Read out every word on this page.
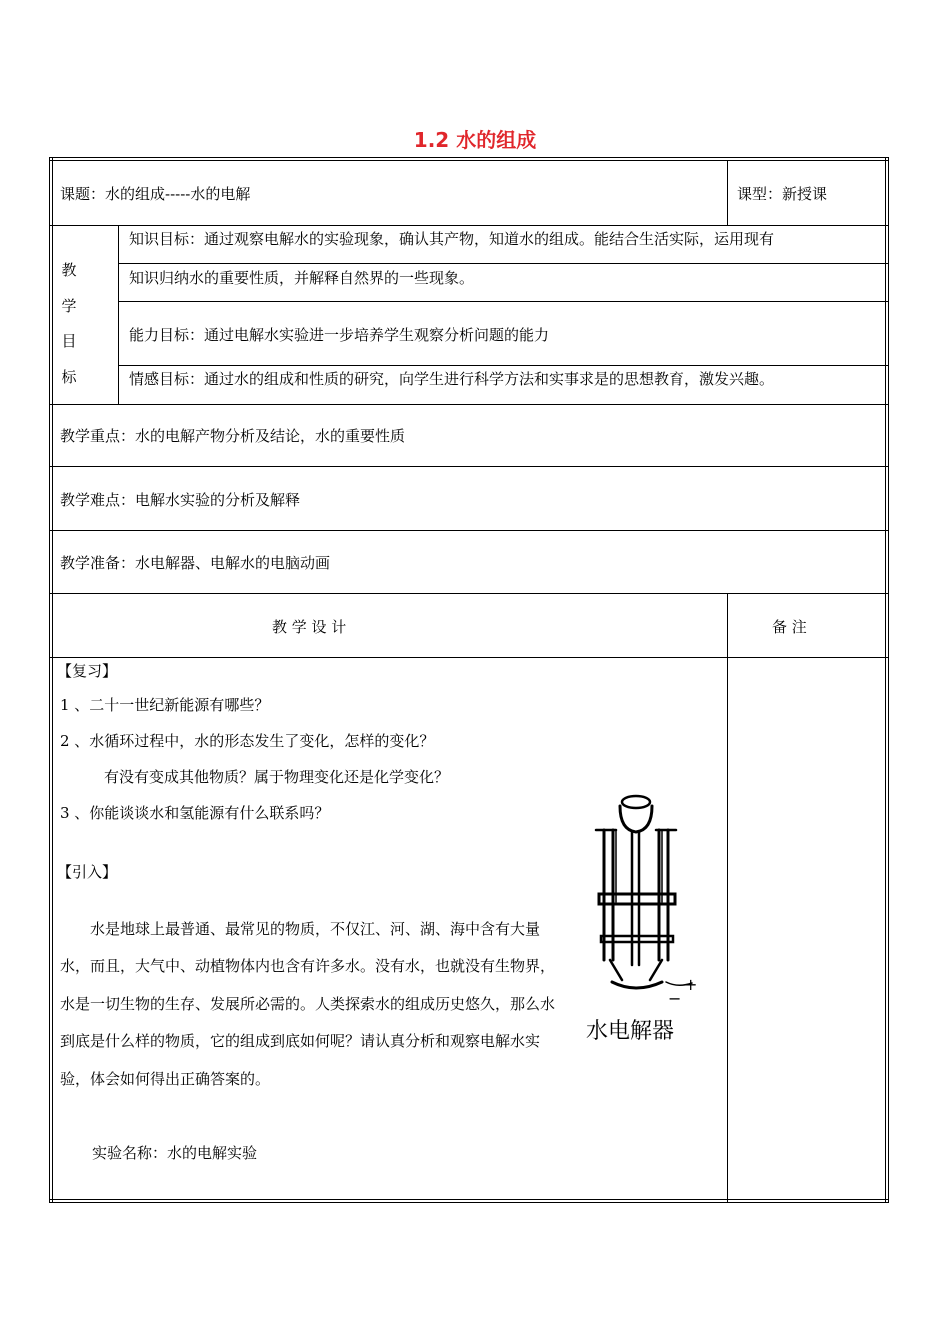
1.2 水的组成
课题：水的组成-----水的电解	课型：新授课
教
学
目
标
知识目标：通过观察电解水的实验现象，确认其产物，知道水的组成。能结合生活实际，运用现有
知识归纳水的重要性质，并解释自然界的一些现象。
能力目标：通过电解水实验进一步培养学生观察分析问题的能力
情感目标：通过水的组成和性质的研究，向学生进行科学方法和实事求是的思想教育，激发兴趣。
教学重点：水的电解产物分析及结论，水的重要性质
教学难点：电解水实验的分析及解释
教学准备：水电解器、电解水的电脑动画
教 学 设 计	备 注
【复习】
1 、二十一世纪新能源有哪些？
2 、水循环过程中，水的形态发生了变化，怎样的变化？
有没有变成其他物质？属于物理变化还是化学变化？
3 、你能谈谈水和氢能源有什么联系吗？
【引入】
水是地球上最普通、最常见的物质，不仅江、河、湖、海中含有大量水，而且，大气中、动植物体内也含有许多水。没有水，也就没有生物界，水是一切生物的生存、发展所必需的。人类探索水的组成历史悠久，那么水到底是什么样的物质，它的组成到底如何呢？请认真分析和观察电解水实验，体会如何得出正确答案的。
实验名称：水的电解实验
+
−
水电解器
